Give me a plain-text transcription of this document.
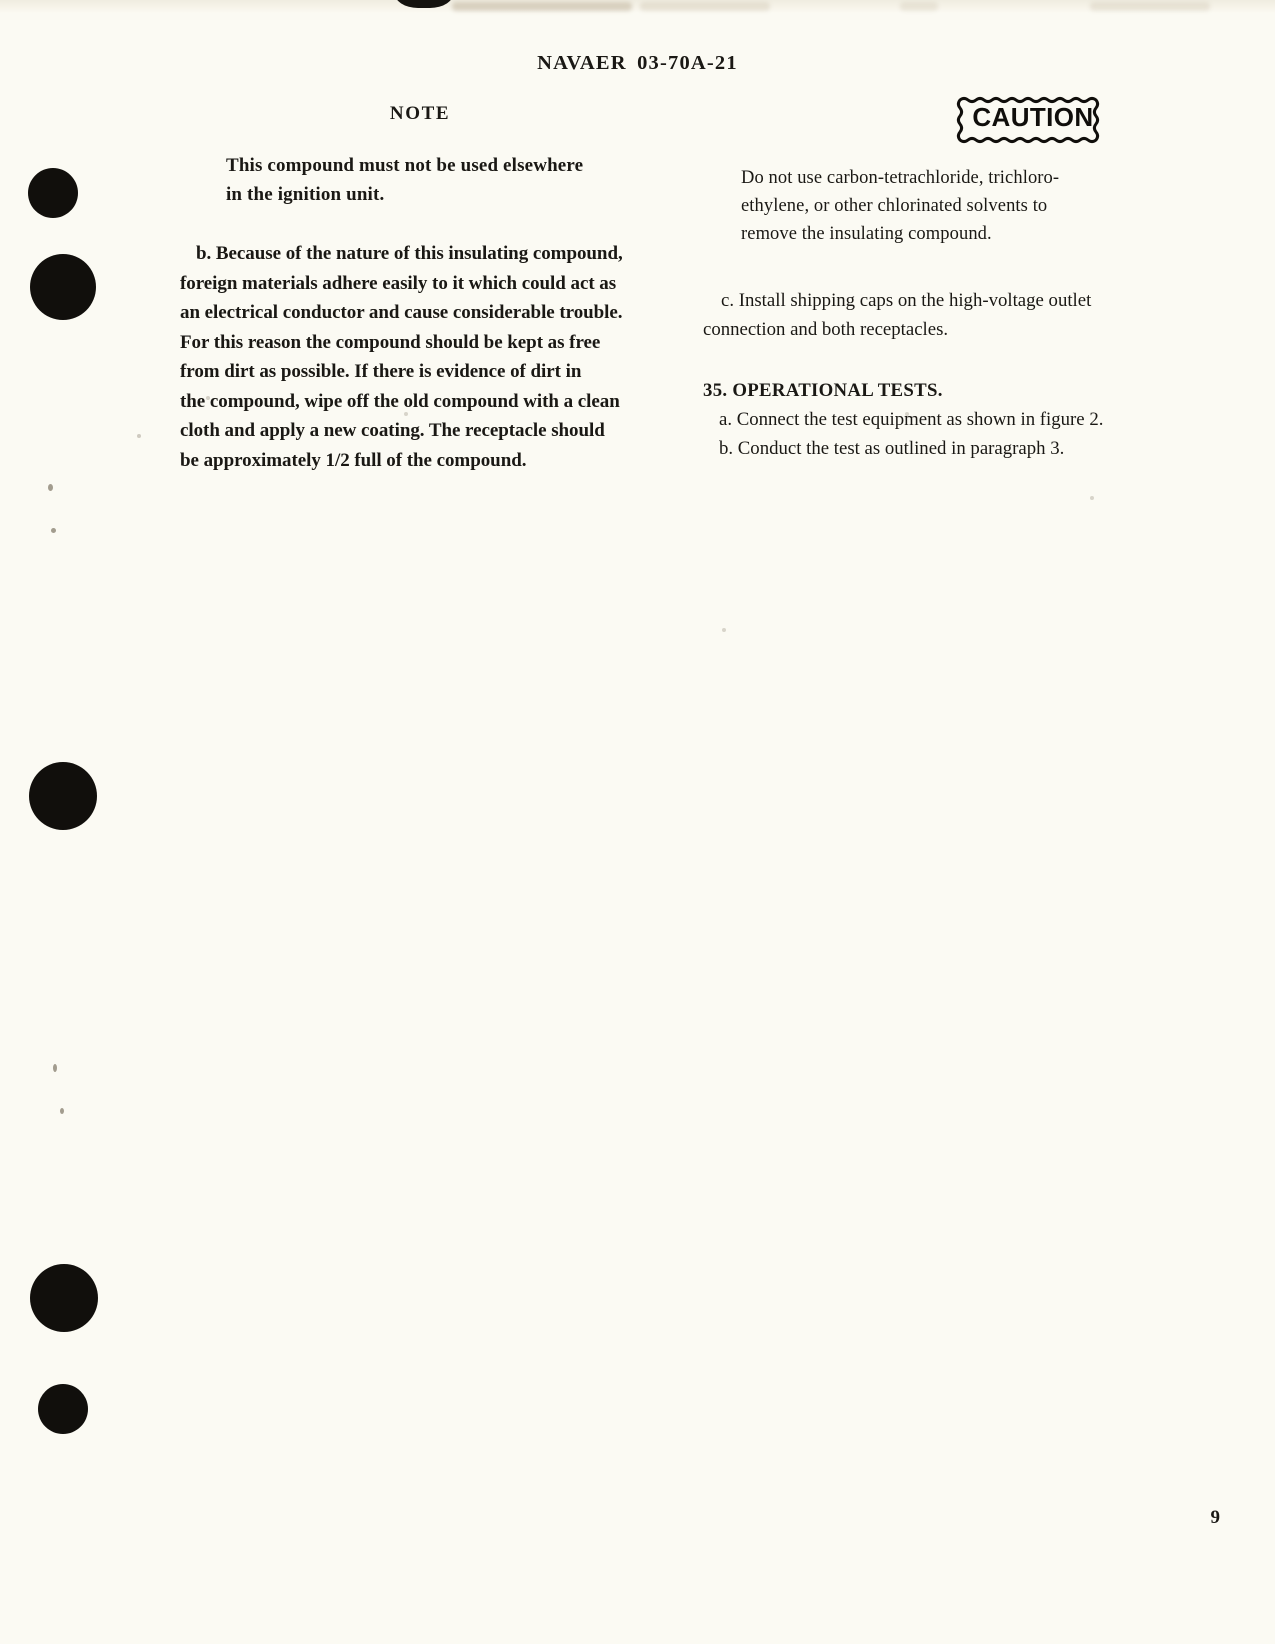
NAVAER 03-70A-21
NOTE
This compound must not be used elsewhere
in the ignition unit.
b. Because of the nature of this insulating compound,
foreign materials adhere easily to it which could act as
an electrical conductor and cause considerable trouble.
For this reason the compound should be kept as free
from dirt as possible. If there is evidence of dirt in
the compound, wipe off the old compound with a clean
cloth and apply a new coating. The receptacle should
be approximately 1/2 full of the compound.
CAUTION
Do not use carbon-tetrachloride, trichloro-
ethylene, or other chlorinated solvents to
remove the insulating compound.
c. Install shipping caps on the high-voltage outlet
connection and both receptacles.
35. OPERATIONAL TESTS.
a. Connect the test equipment as shown in figure 2.
b. Conduct the test as outlined in paragraph 3.
9
